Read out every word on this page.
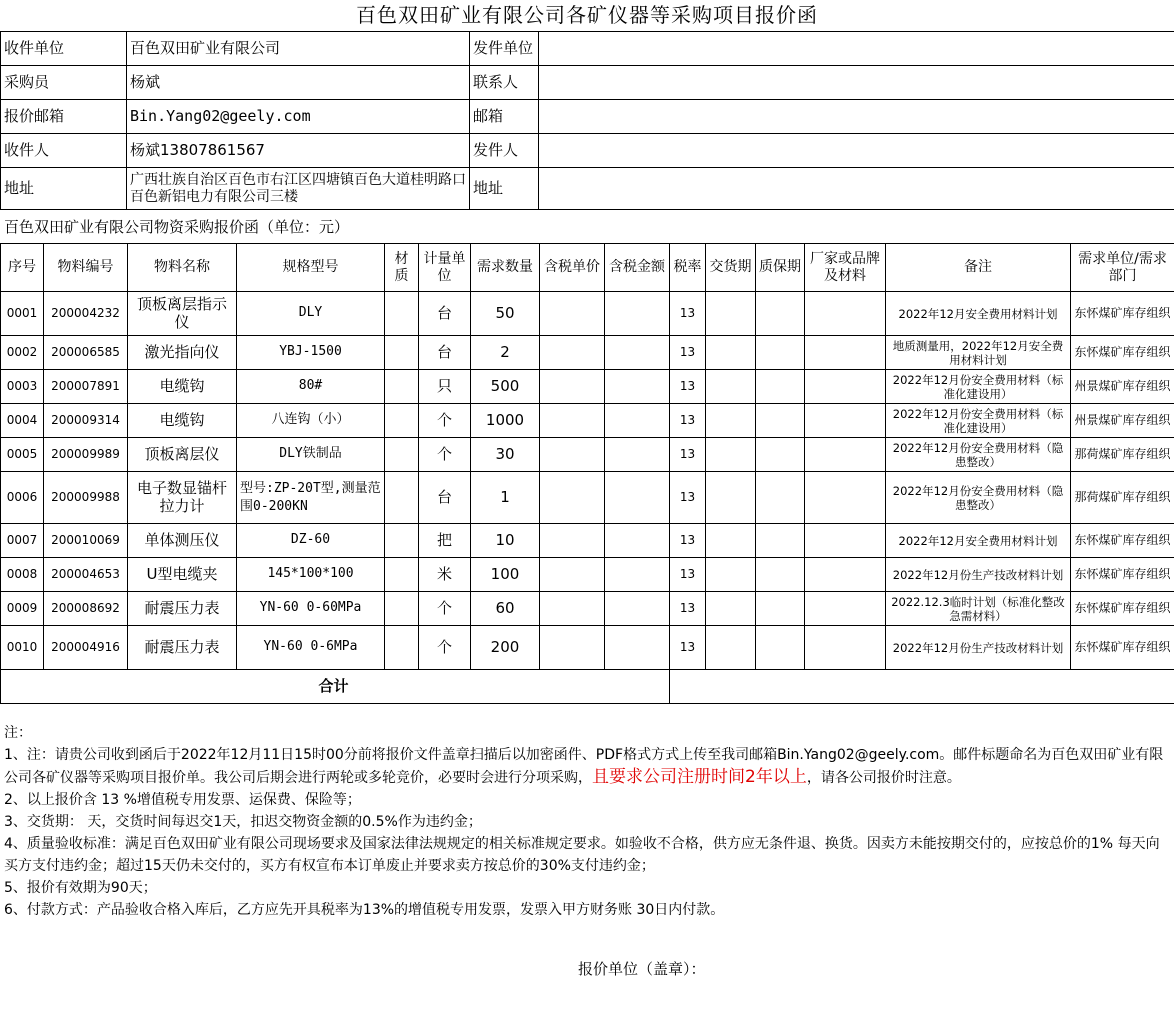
百色双田矿业有限公司各矿仪器等采购项目报价函
收件单位	百色双田矿业有限公司	发件单位	
采购员	杨斌	联系人	
报价邮箱	Bin.Yang02@geely.com	邮箱	
收件人	杨斌13807861567	发件人	
地址	广西壮族自治区百色市右江区四塘镇百色大道桂明路口百色新铝电力有限公司三楼	地址	
百色双田矿业有限公司物资采购报价函（单位：元）
序号	物料编号	物料名称	规格型号	材质	计量单位	需求数量	含税单价	含税金额	税率	交货期	质保期	厂家或品牌及材料	备注	需求单位/需求部门
0001	200004232	顶板离层指示仪	DLY		台	50			13				2022年12月安全费用材料计划	东怀煤矿库存组织
0002	200006585	激光指向仪	YBJ-1500		台	2			13				地质测量用，2022年12月安全费用材料计划	东怀煤矿库存组织
0003	200007891	电缆钩	80#		只	500			13				2022年12月份安全费用材料（标准化建设用）	州景煤矿库存组织
0004	200009314	电缆钩	八连钩（小）		个	1000			13				2022年12月份安全费用材料（标准化建设用）	州景煤矿库存组织
0005	200009989	顶板离层仪	DLY铁制品		个	30			13				2022年12月份安全费用材料（隐患整改）	那荷煤矿库存组织
0006	200009988	电子数显锚杆拉力计	型号:ZP-20T型,测量范围0-200KN		台	1			13				2022年12月份安全费用材料（隐患整改）	那荷煤矿库存组织
0007	200010069	单体测压仪	DZ-60		把	10			13				2022年12月安全费用材料计划	东怀煤矿库存组织
0008	200004653	U型电缆夹	145*100*100		米	100			13				2022年12月份生产技改材料计划	东怀煤矿库存组织
0009	200008692	耐震压力表	YN-60 0-60MPa		个	60			13				2022.12.3临时计划（标准化整改急需材料）	东怀煤矿库存组织
0010	200004916	耐震压力表	YN-60 0-6MPa		个	200			13				2022年12月份生产技改材料计划	东怀煤矿库存组织
合计														

注：

1、注：请贵公司收到函后于2022年12月11日15时00分前将报价文件盖章扫描后以加密函件、PDF格式方式上传至我司邮箱Bin.Yang02@geely.com。邮件标题命名为百色双田矿业有限公司各矿仪器等采购项目报价单。我公司后期会进行两轮或多轮竞价，必要时会进行分项采购，且要求公司注册时间2年以上，请各公司报价时注意。

2、以上报价含 13 %增值税专用发票、运保费、保险等；

3、交货期： 天，交货时间每迟交1天，扣迟交物资金额的0.5%作为违约金；

4、质量验收标准：满足百色双田矿业有限公司现场要求及国家法律法规规定的相关标准规定要求。如验收不合格，供方应无条件退、换货。因卖方未能按期交付的，应按总价的1% 每天向买方支付违约金；超过15天仍未交付的，买方有权宣布本订单废止并要求卖方按总价的30%支付违约金；

5、报价有效期为90天；

6、付款方式：产品验收合格入库后，乙方应先开具税率为13%的增值税专用发票，发票入甲方财务账 30日内付款。

报价单位（盖章）：
